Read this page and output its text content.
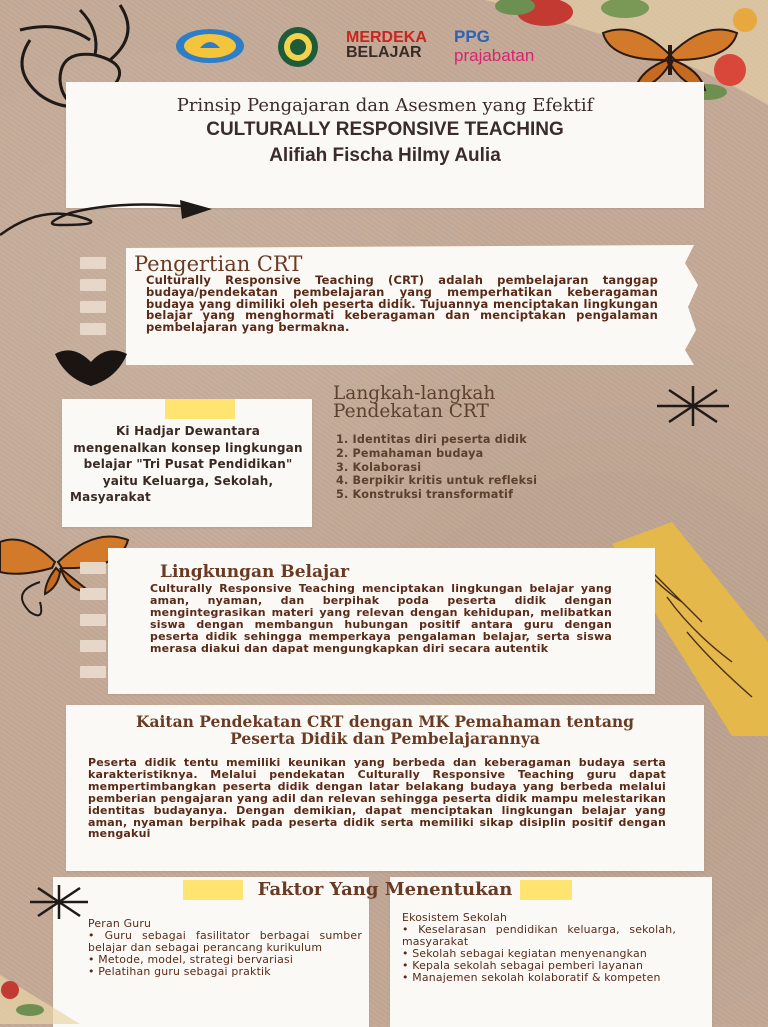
MERDEKA
BELAJAR
PPG
prajabatan
Prinsip Pengajaran dan Asesmen yang Efektif
CULTURALLY RESPONSIVE TEACHING
Alifiah Fischa Hilmy Aulia
Pengertian CRT
Culturally Responsive Teaching (CRT) adalah pembelajaran tanggap budaya/pendekatan pembelajaran yang memperhatikan keberagaman budaya yang dimiliki oleh peserta didik. Tujuannya menciptakan lingkungan belajar yang menghormati keberagaman dan menciptakan pengalaman pembelajaran yang bermakna.
Ki Hadjar Dewantara mengenalkan konsep lingkungan belajar "Tri Pusat Pendidikan" yaitu Keluarga, Sekolah, Masyarakat
Langkah-langkah
Pendekatan CRT
1. Identitas diri peserta didik
2. Pemahaman budaya
3. Kolaborasi
4. Berpikir kritis untuk refleksi
5. Konstruksi transformatif
Lingkungan Belajar
Culturally Responsive Teaching menciptakan lingkungan belajar yang aman, nyaman, dan berpihak poda peserta didik dengan mengintegrasikan materi yang relevan dengan kehidupan, melibatkan siswa dengan membangun hubungan positif antara guru dengan peserta didik sehingga memperkaya pengalaman belajar, serta siswa merasa diakui dan dapat mengungkapkan diri secara autentik
Kaitan Pendekatan CRT dengan MK Pemahaman tentang
Peserta Didik dan Pembelajarannya
Peserta didik tentu memiliki keunikan yang berbeda dan keberagaman budaya serta karakteristiknya. Melalui pendekatan Culturally Responsive Teaching guru dapat mempertimbangkan peserta didik dengan latar belakang budaya yang berbeda melalui pemberian pengajaran yang adil dan relevan sehingga peserta didik mampu melestarikan identitas budayanya. Dengan demikian, dapat menciptakan lingkungan belajar yang aman, nyaman berpihak pada peserta didik serta memiliki sikap disiplin positif dengan mengakui
Faktor Yang Menentukan
Peran Guru
• Guru sebagai fasilitator berbagai sumber belajar dan sebagai perancang kurikulum
• Metode, model, strategi bervariasi
• Pelatihan guru sebagai praktik
Ekosistem Sekolah
• Keselarasan pendidikan keluarga, sekolah, masyarakat
• Sekolah sebagai kegiatan menyenangkan
• Kepala sekolah sebagai pemberi layanan
• Manajemen sekolah kolaboratif & kompeten
